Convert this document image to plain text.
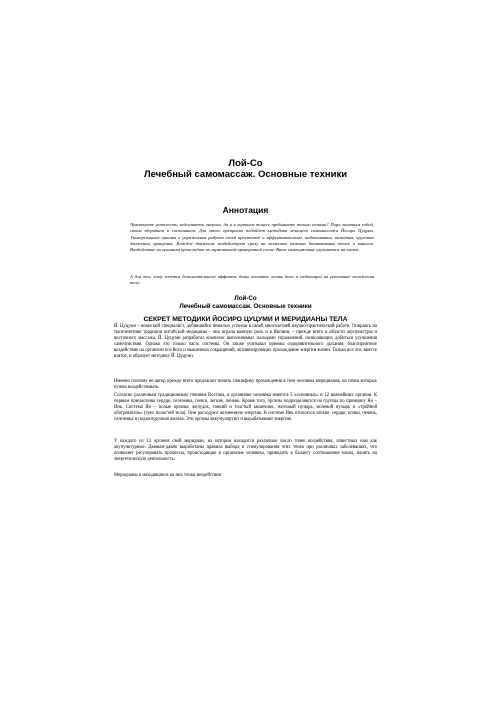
Лой-Со
Лечебный самомассаж. Основные техники
Аннотация
Чувствуете усталость, недостаток энергии, да и в хорошем тонусе пребываете только ночами? Пора заняться собой, своим здоровьем и состоянием. Для этого прекрасно подойдет методика лечащего самомассажа Йосиро Цуцуми. Универсальные приемы и упражнения радуют своей простотой и эффективностью: надавливания, нажатия, круговые движения, вращения. Каждое движение воздействует сразу на несколько важных биоактивных точек и каналов. Воздействие на организм происходит по гармоничной проверенной схеме. Ваше самочувствие улучшается на глазах.
А для тех, кому хочется дополнительного эффекта, даны основные асаны йоги и медитации на различные положения тела.
Лой-Со
Лечебный самомассаж. Основные техники
СЕКРЕТ МЕТОДИКИ ЙОСИРО ЦУЦУМИ И МЕРИДИАНЫ ТЕЛА

Й. Цуцуми – японский специалист, добившийся немалых успехов в своей многолетней научно-практической работе. Опираясь на тысячелетние традиции китайской медицины – она играла важную роль и в Японии, – прежде всего в области акупунктуры и восточного массажа, Й. Цуцуми разработал комплекс выполняемых пальцами упражнений, позволяющих добиться улучшения самочувствия. Однако это только часть системы. Он также учитывал приемы оздоровительного дыхания, благоприятное воздействие на организм поз йоги и мышечных сокращений, активизирующих прохождение энергии жизни. Только все это, вместе взятое, и образует методику Й. Цуцуми.

Именно поэтому не автор прежде всего предлагает понять специфику прохождения в теле человека меридианов, на точки которых нужно воздействовать.

Согласно различным традиционным учениям Востока, в организме человека имеется 5 «основных» и 12 важнейших органов. К первым причислены сердце, селезенка, почки, легкие, печень. Кроме того, органы подразделяются на группы по принципу Ян – Инь. Система Ян – полые органы: желудок, тонкий и толстый кишечник, желчный пузырь, мочевой пузырь и «тройной обогреватель» (трех полостей тела). Они расходуют жизненную энергию. К системе Инь относятся легкие, сердце, почки, печень, селезенка и поджелудочная железа. Эти органы аккумулируют и вырабатывают энергию.

У каждого из 12 органов свой меридиан, на котором находится различное число точек воздействия, известных нам как акупунктурные. Давным-давно выработаны правила выбора и стимулирования этих точек при различных заболеваниях, что позволяет регулировать процессы, происходящие в организме человека, приводить к балансу соотношение начал, влиять на энергетическую деятельность.

Меридианы и находящиеся на них точки воздействия
